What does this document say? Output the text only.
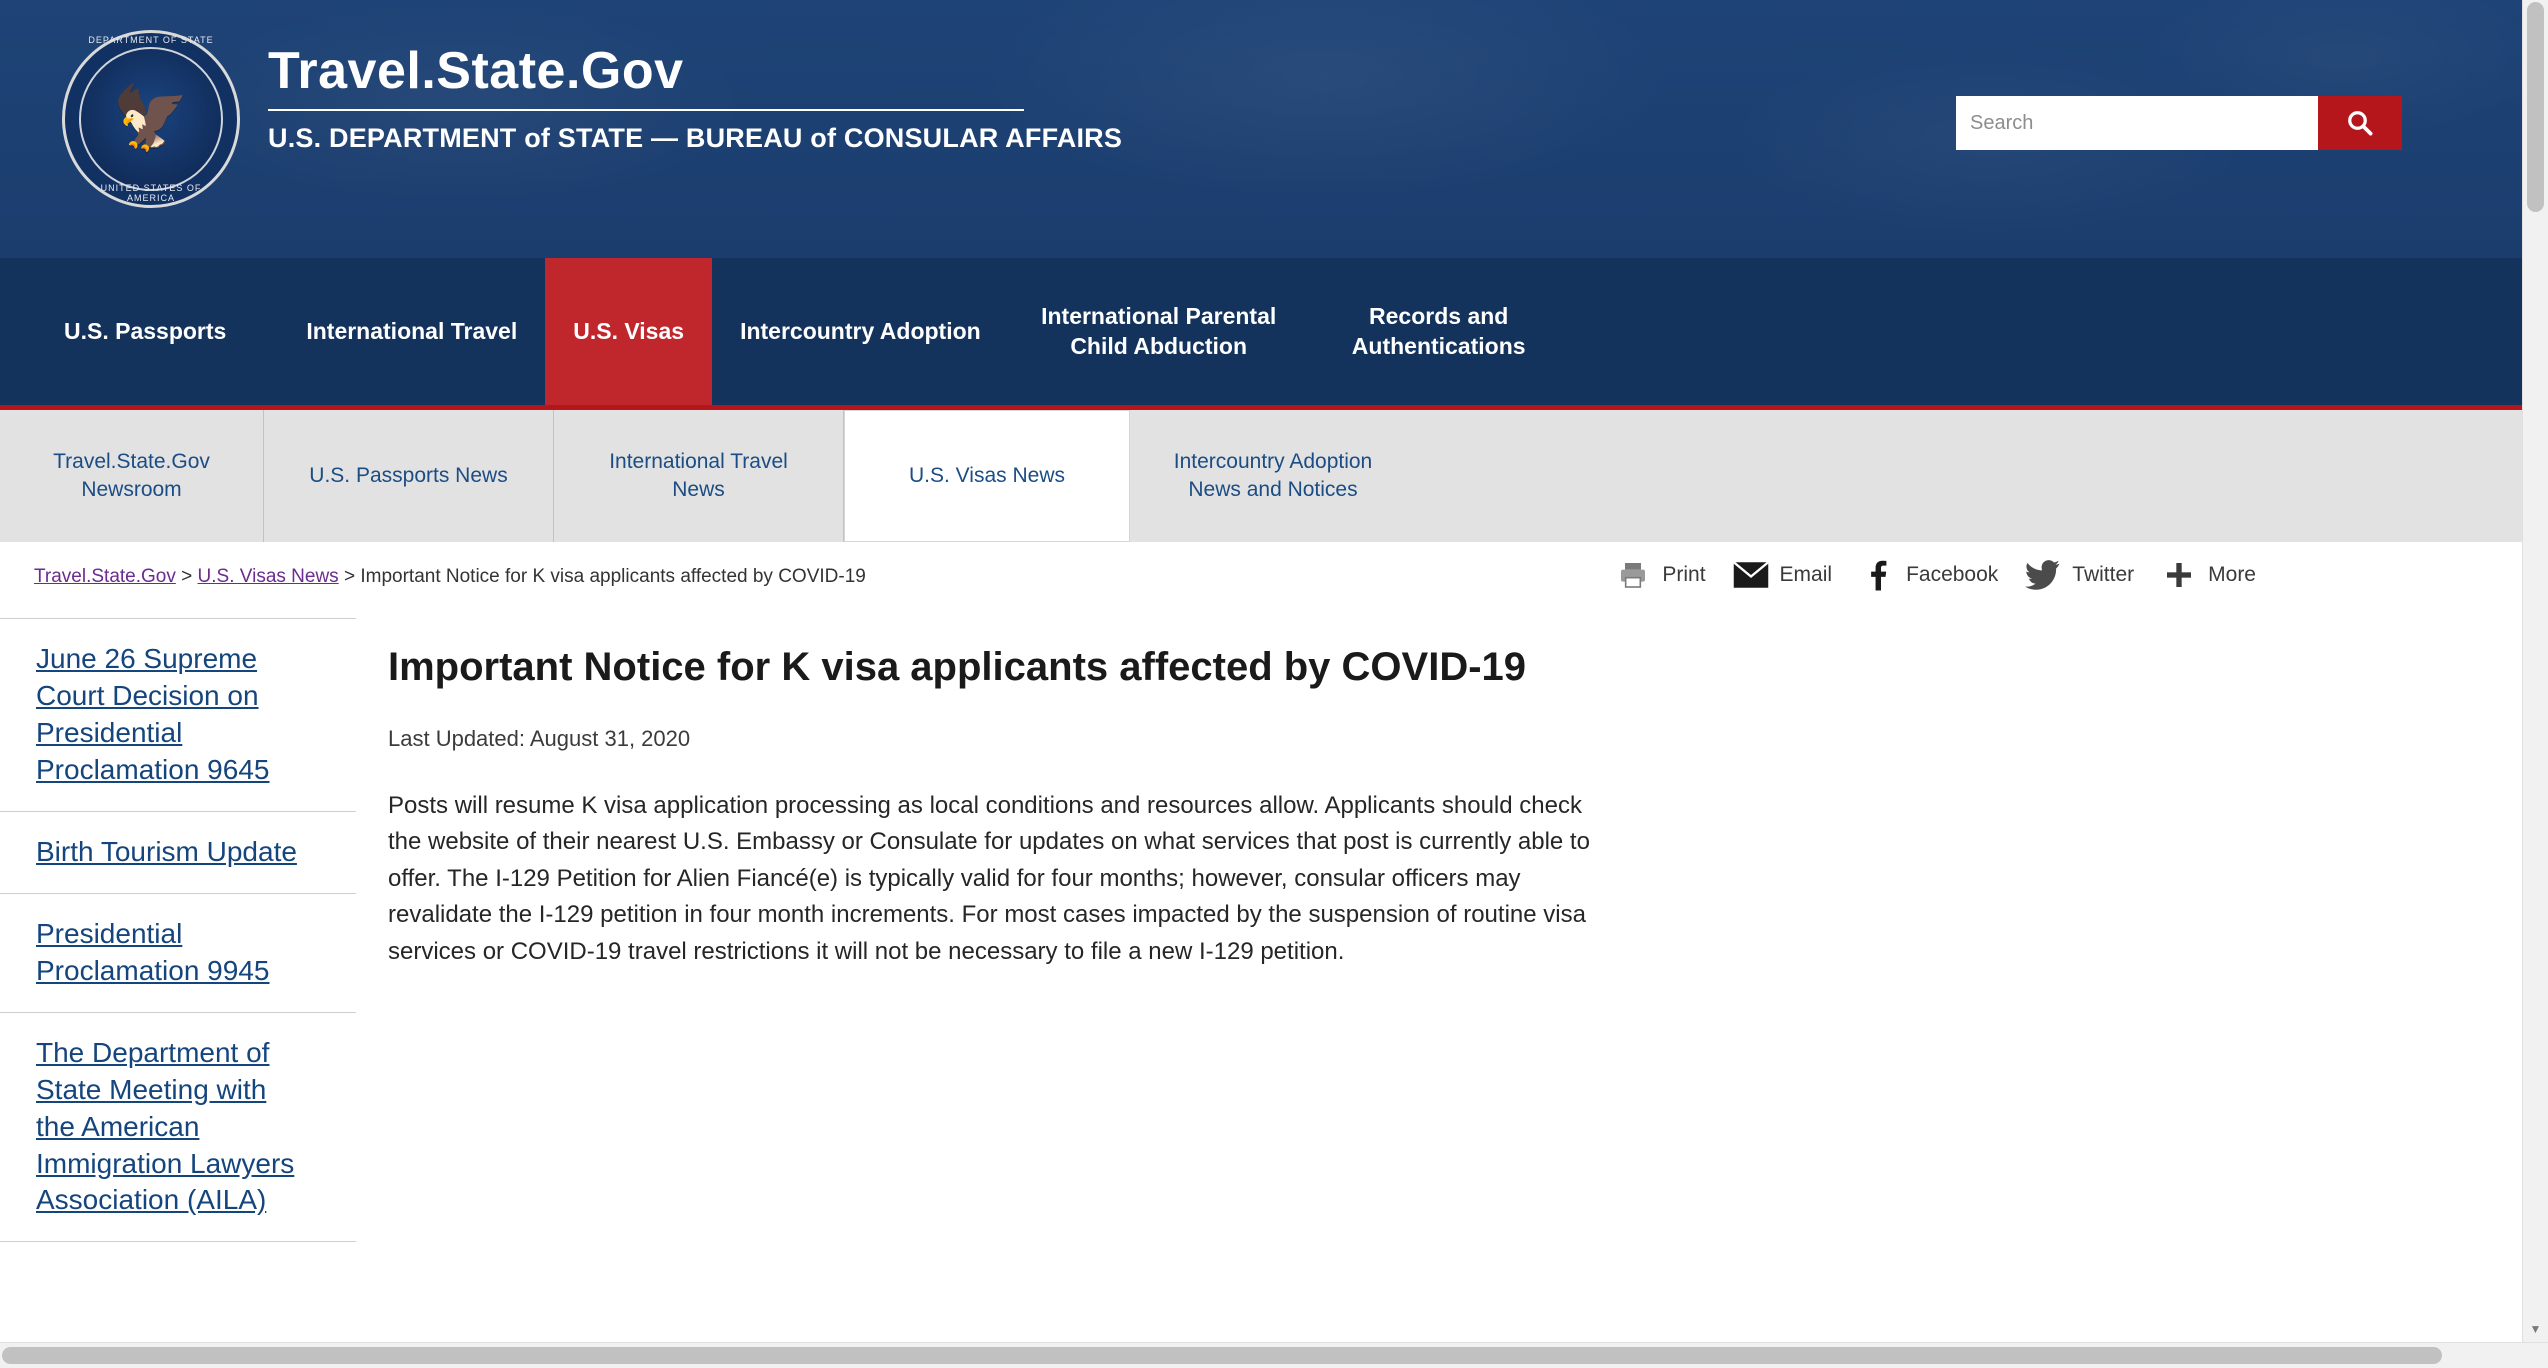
DEPARTMENT OF STATE
🦅
UNITED STATES OF AMERICA
Travel.State.Gov
U.S. DEPARTMENT of STATE — BUREAU of CONSULAR AFFAIRS
Search
U.S. Passports	International Travel	U.S. Visas	Intercountry Adoption
International Parental Child Abduction
Records and Authentications
Travel.State.Gov Newsroom
U.S. Passports News
International Travel News
U.S. Visas News
Intercountry Adoption News and Notices
Travel.State.Gov > U.S. Visas News > Important Notice for K visa applicants affected by COVID-19	Print	Email	Facebook	Twitter	More
June 26 Supreme Court Decision on Presidential Proclamation 9645
Birth Tourism Update
Presidential Proclamation 9945
The Department of State Meeting with the American Immigration Lawyers Association (AILA)
Important Notice for K visa applicants affected by COVID-19
Last Updated: August 31, 2020

Posts will resume K visa application processing as local conditions and resources allow. Applicants should check the website of their nearest U.S. Embassy or Consulate for updates on what services that post is currently able to offer. The I-129 Petition for Alien Fiancé(e) is typically valid for four months; however, consular officers may revalidate the I-129 petition in four month increments. For most cases impacted by the suspension of routine visa services or COVID-19 travel restrictions it will not be necessary to file a new I-129 petition.

▼
